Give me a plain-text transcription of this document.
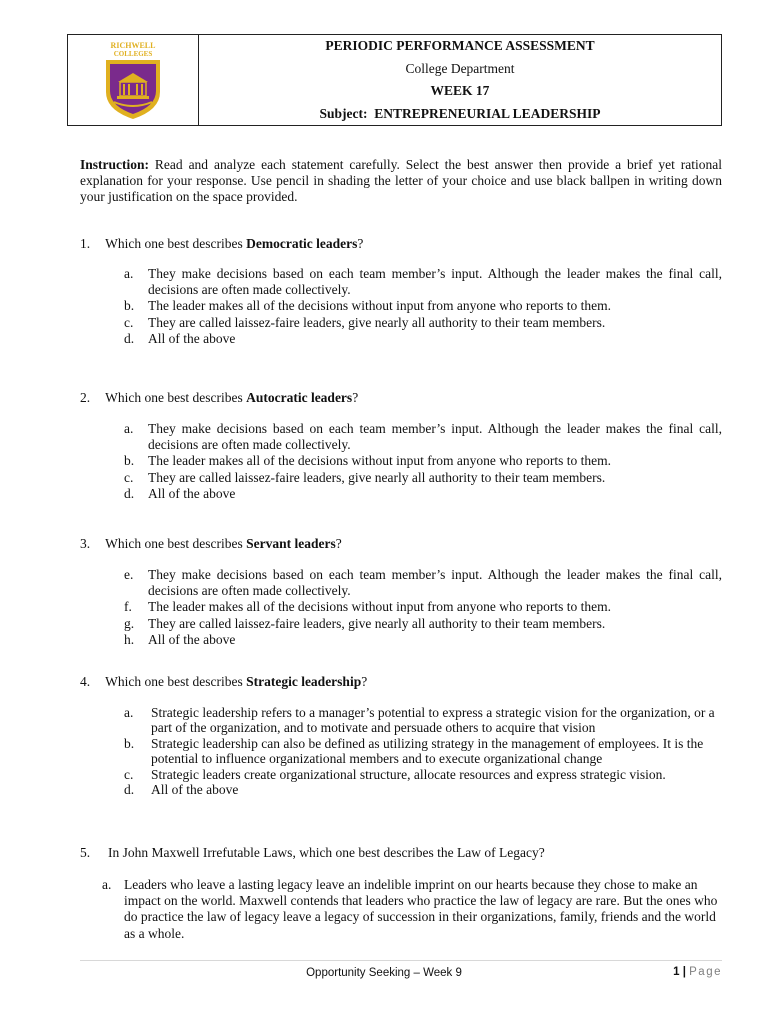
RICHWELL
COLLEGES
PERIODIC PERFORMANCE ASSESSMENT
College Department
WEEK 17
Subject: ENTREPRENEURIAL LEADERSHIP
Instruction: Read and analyze each statement carefully. Select the best answer then provide a brief yet rational explanation for your response. Use pencil in shading the letter of your choice and use black ballpen in writing down your justification on the space provided.
1. Which one best describes Democratic leaders?
a.	They make decisions based on each team member’s input. Although the leader makes the final call, decisions are often made collectively.
b.	The leader makes all of the decisions without input from anyone who reports to them.
c.	They are called laissez-faire leaders, give nearly all authority to their team members.
d.	All of the above
2. Which one best describes Autocratic leaders?
a.	They make decisions based on each team member’s input. Although the leader makes the final call, decisions are often made collectively.
b.	The leader makes all of the decisions without input from anyone who reports to them.
c.	They are called laissez-faire leaders, give nearly all authority to their team members.
d.	All of the above
3. Which one best describes Servant leaders?
e.	They make decisions based on each team member’s input. Although the leader makes the final call, decisions are often made collectively.
f.	The leader makes all of the decisions without input from anyone who reports to them.
g.	They are called laissez-faire leaders, give nearly all authority to their team members.
h.	All of the above
4. Which one best describes Strategic leadership?
a.	Strategic leadership refers to a manager’s potential to express a strategic vision for the organization, or a part of the organization, and to motivate and persuade others to acquire that vision
b.	Strategic leadership can also be defined as utilizing strategy in the management of employees. It is the potential to influence organizational members and to execute organizational change
c.	Strategic leaders create organizational structure, allocate resources and express strategic vision.
d.	All of the above
5. In John Maxwell Irrefutable Laws, which one best describes the Law of Legacy?
a. Leaders who leave a lasting legacy leave an indelible imprint on our hearts because they chose to make an impact on the world. Maxwell contends that leaders who practice the law of legacy are rare. But the ones who do practice the law of legacy leave a legacy of succession in their organizations, family, friends and the world as a whole.
Opportunity Seeking – Week 9	1 | Page
